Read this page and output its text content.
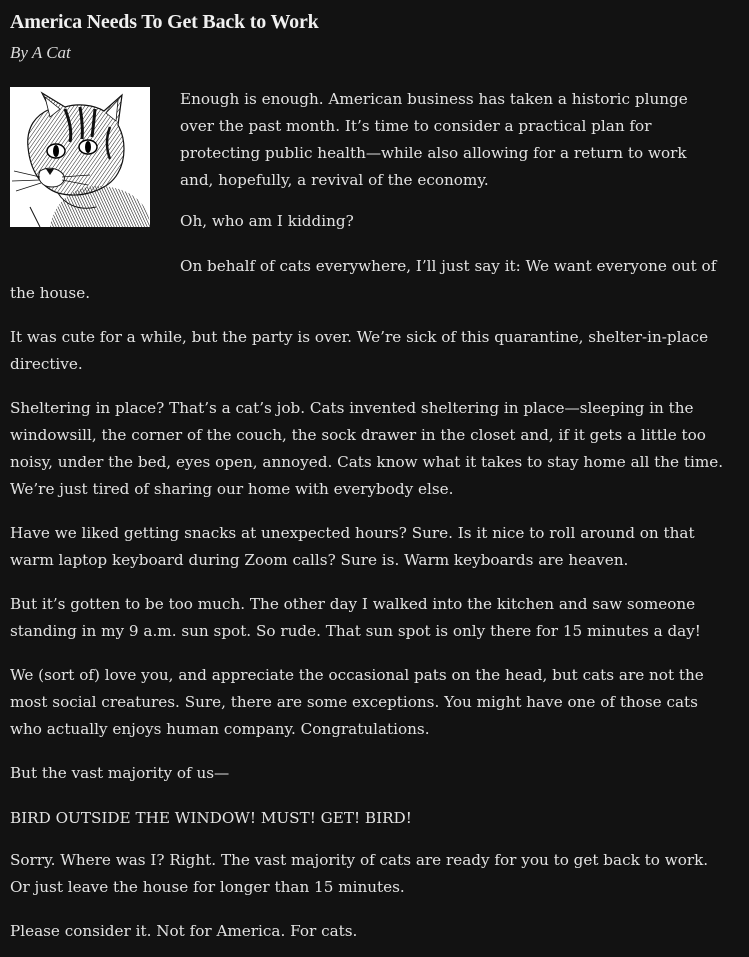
America Needs To Get Back to Work

By A Cat

Enough is enough. American business has taken a historic plunge
over the past month. It’s time to consider a practical plan for
protecting public health—while also allowing for a return to work
and, hopefully, a revival of the economy.

Oh, who am I kidding?

On behalf of cats everywhere, I’ll just say it: We want everyone out of
the house.

It was cute for a while, but the party is over. We’re sick of this quarantine, shelter-in-place
directive.

Sheltering in place? That’s a cat’s job. Cats invented sheltering in place—sleeping in the
windowsill, the corner of the couch, the sock drawer in the closet and, if it gets a little too
noisy, under the bed, eyes open, annoyed. Cats know what it takes to stay home all the time.
We’re just tired of sharing our home with everybody else.

Have we liked getting snacks at unexpected hours? Sure. Is it nice to roll around on that
warm laptop keyboard during Zoom calls? Sure is. Warm keyboards are heaven.

But it’s gotten to be too much. The other day I walked into the kitchen and saw someone
standing in my 9 a.m. sun spot. So rude. That sun spot is only there for 15 minutes a day!

We (sort of) love you, and appreciate the occasional pats on the head, but cats are not the
most social creatures. Sure, there are some exceptions. You might have one of those cats
who actually enjoys human company. Congratulations.

But the vast majority of us—

BIRD OUTSIDE THE WINDOW! MUST! GET! BIRD!

Sorry. Where was I? Right. The vast majority of cats are ready for you to get back to work.
Or just leave the house for longer than 15 minutes.

Please consider it. Not for America. For cats.
